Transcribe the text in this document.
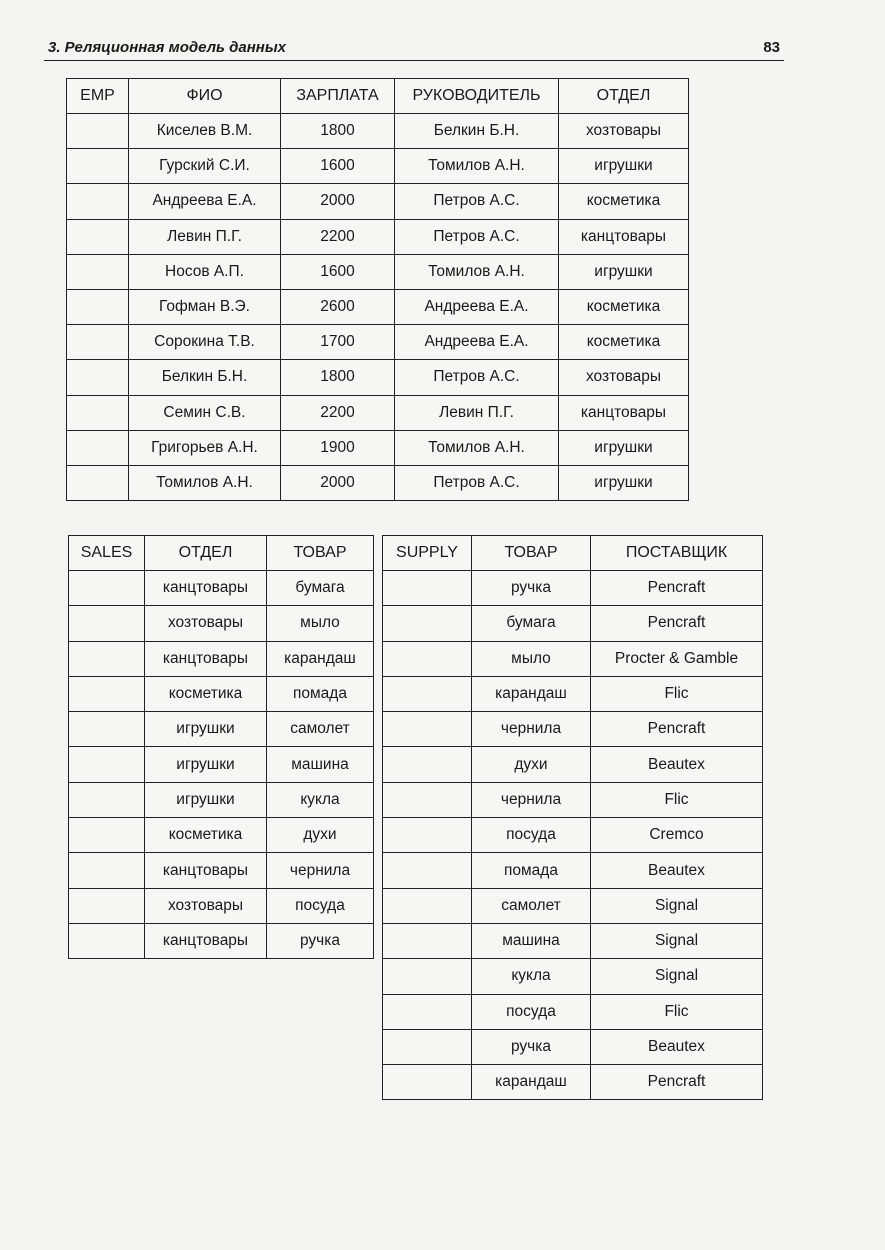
3. Реляционная модель данных	83
EMP	ФИО	ЗАРПЛАТА	РУКОВОДИТЕЛЬ	ОТДЕЛ
	Киселев В.М.	1800	Белкин Б.Н.	хозтовары
	Гурский С.И.	1600	Томилов А.Н.	игрушки
	Андреева Е.А.	2000	Петров А.С.	косметика
	Левин П.Г.	2200	Петров А.С.	канцтовары
	Носов А.П.	1600	Томилов А.Н.	игрушки
	Гофман В.Э.	2600	Андреева Е.А.	косметика
	Сорокина Т.В.	1700	Андреева Е.А.	косметика
	Белкин Б.Н.	1800	Петров А.С.	хозтовары
	Семин С.В.	2200	Левин П.Г.	канцтовары
	Григорьев А.Н.	1900	Томилов А.Н.	игрушки
	Томилов А.Н.	2000	Петров А.С.	игрушки
SALES	ОТДЕЛ	ТОВАР
	канцтовары	бумага
	хозтовары	мыло
	канцтовары	карандаш
	косметика	помада
	игрушки	самолет
	игрушки	машина
	игрушки	кукла
	косметика	духи
	канцтовары	чернила
	хозтовары	посуда
	канцтовары	ручка
SUPPLY	ТОВАР	ПОСТАВЩИК
	ручка	Pencraft
	бумага	Pencraft
	мыло	Procter & Gamble
	карандаш	Flic
	чернила	Pencraft
	духи	Beautex
	чернила	Flic
	посуда	Cremco
	помада	Beautex
	самолет	Signal
	машина	Signal
	кукла	Signal
	посуда	Flic
	ручка	Beautex
	карандаш	Pencraft
